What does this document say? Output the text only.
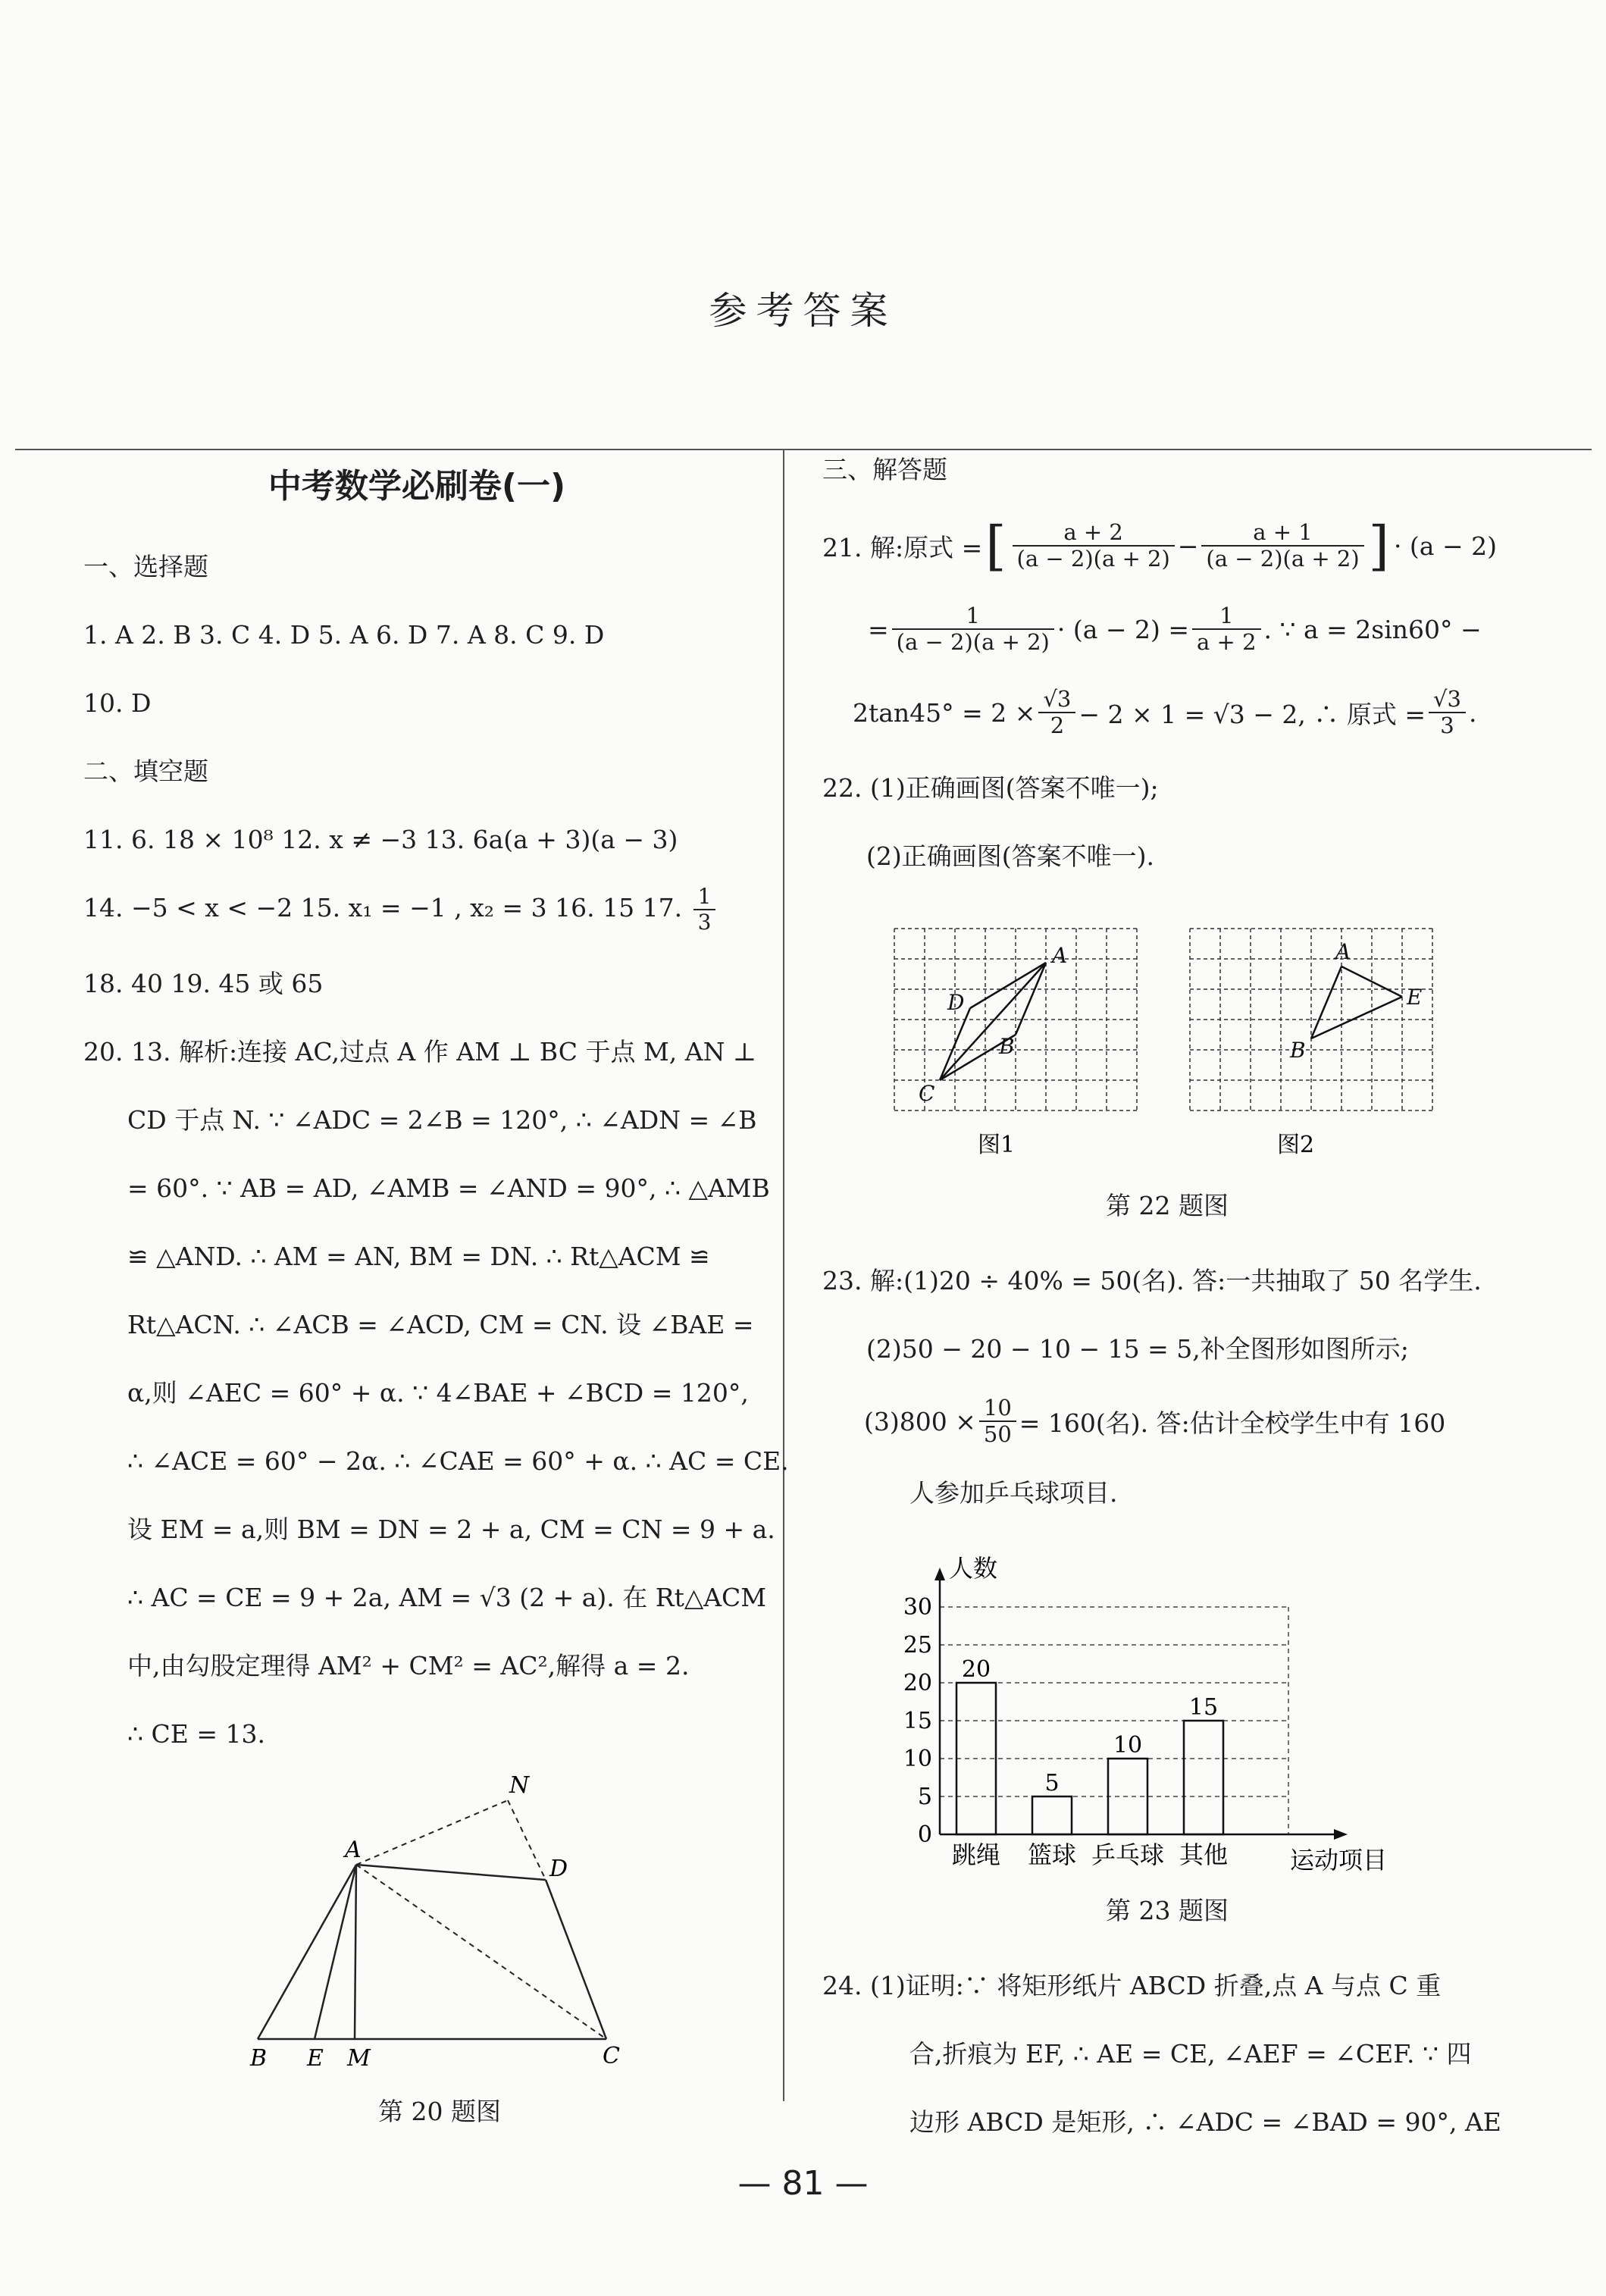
参考答案
中考数学必刷卷(一)
一、选择题
1. A 2. B 3. C 4. D 5. A 6. D 7. A 8. C 9. D
10. D
二、填空题
11. 6. 18 × 10⁸ 12. x ≠ −3 13. 6a(a + 3)(a − 3)
14. −5 < x < −2 15. x₁ = −1 , x₂ = 3 16. 15 17. $\frac{1}{3}$
18. 40 19. 45 或 65

20. 13. 解析:连接 AC,过点 A 作 AM ⊥ BC 于点 M, AN ⊥

CD 于点 N. ∵ ∠ADC = 2∠B = 120°, ∴ ∠ADN = ∠B

= 60°. ∵ AB = AD, ∠AMB = ∠AND = 90°, ∴ △AMB

≌ △AND. ∴ AM = AN, BM = DN. ∴ Rt△ACM ≌

Rt△ACN. ∴ ∠ACB = ∠ACD, CM = CN. 设 ∠BAE =

α,则 ∠AEC = 60° + α. ∵ 4∠BAE + ∠BCD = 120°,

∴ ∠ACE = 60° − 2α. ∴ ∠CAE = 60° + α. ∴ AC = CE.

设 EM = a,则 BM = DN = 2 + a, CM = CN = 9 + a.

∴ AC = CE = 9 + 2a, AM = √3 (2 + a). 在 Rt△ACM

中,由勾股定理得 AM² + CM² = AC²,解得 a = 2.

∴ CE = 13.

A
B E M	C
D
N
第 20 题图
三、解答题
21. 解:原式 = [ $\frac{a + 2}{(a - 2)(a + 2)} - \frac{a + 1}{(a - 2)(a + 2)}$ ] · (a − 2)
= $\frac{1}{(a - 2)(a + 2)} \cdot (a - 2) = \frac{1}{a + 2}$ . ∵ a = 2sin60° −
$2\tan 45^\circ = 2 \times \frac{√3}{2} - 2 \times 1 = √3 - 2$, ∴ 原式 = $\frac{√3}{3}$ .
22. (1)正确画图(答案不唯一);
(2)正确画图(答案不唯一).
A
D
B
C
A
E
B
图1	图2
第 22 题图
23. 解:(1)20 ÷ 40% = 50(名). 答:一共抽取了 50 名学生.
(2)50 − 20 − 10 − 15 = 5,补全图形如图所示;
$(3)800 \times \frac{10}{50} = 160$(名). 答:估计全校学生中有 160
人参加乒乓球项目.
0
5
10
15
20
25
30
人数
运动项目
20
跳绳
5
篮球
10
乒乓球
15
其他
第 23 题图
24. (1)证明:∵ 将矩形纸片 ABCD 折叠,点 A 与点 C 重
合,折痕为 EF, ∴ AE = CE, ∠AEF = ∠CEF. ∵ 四
边形 ABCD 是矩形, ∴ ∠ADC = ∠BAD = 90°, AE
— 81 —
